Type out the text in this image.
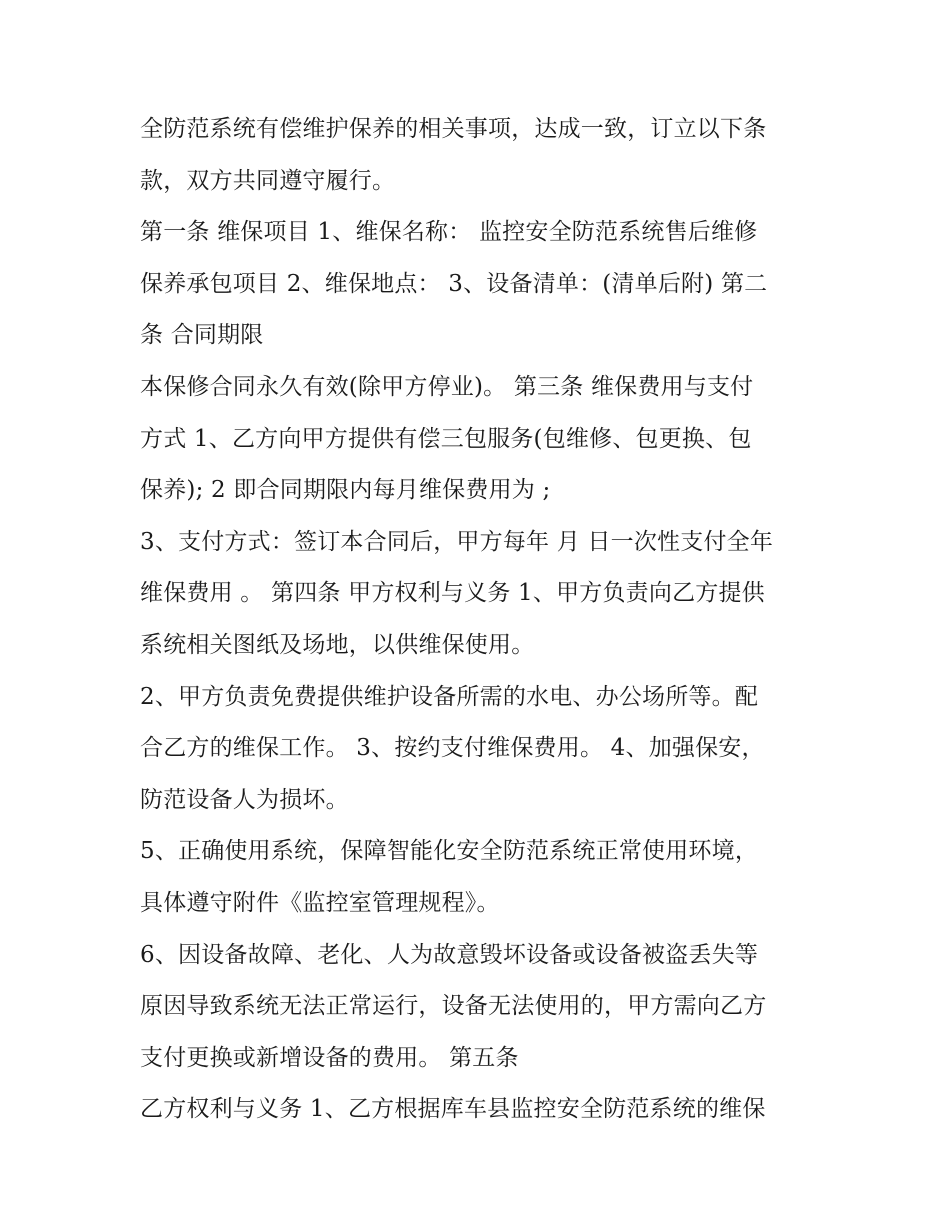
全防范系统有偿维护保养的相关事项，达成一致，订立以下条
款，双方共同遵守履行。
第一条 维保项目 1、维保名称： 监控安全防范系统售后维修
保养承包项目 2、维保地点： 3、设备清单：(清单后附) 第二
条 合同期限
本保修合同永久有效(除甲方停业)。 第三条 维保费用与支付
方式 1、乙方向甲方提供有偿三包服务(包维修、包更换、包
保养); 2 即合同期限内每月维保费用为 ;
3、支付方式：签订本合同后，甲方每年 月 日一次性支付全年
维保费用 。 第四条 甲方权利与义务 1、甲方负责向乙方提供
系统相关图纸及场地，以供维保使用。
2、甲方负责免费提供维护设备所需的水电、办公场所等。配
合乙方的维保工作。 3、按约支付维保费用。 4、加强保安，
防范设备人为损坏。
5、正确使用系统，保障智能化安全防范系统正常使用环境，
具体遵守附件《监控室管理规程》。
6、因设备故障、老化、人为故意毁坏设备或设备被盗丢失等
原因导致系统无法正常运行，设备无法使用的，甲方需向乙方
支付更换或新增设备的费用。 第五条
乙方权利与义务 1、乙方根据库车县监控安全防范系统的维保
